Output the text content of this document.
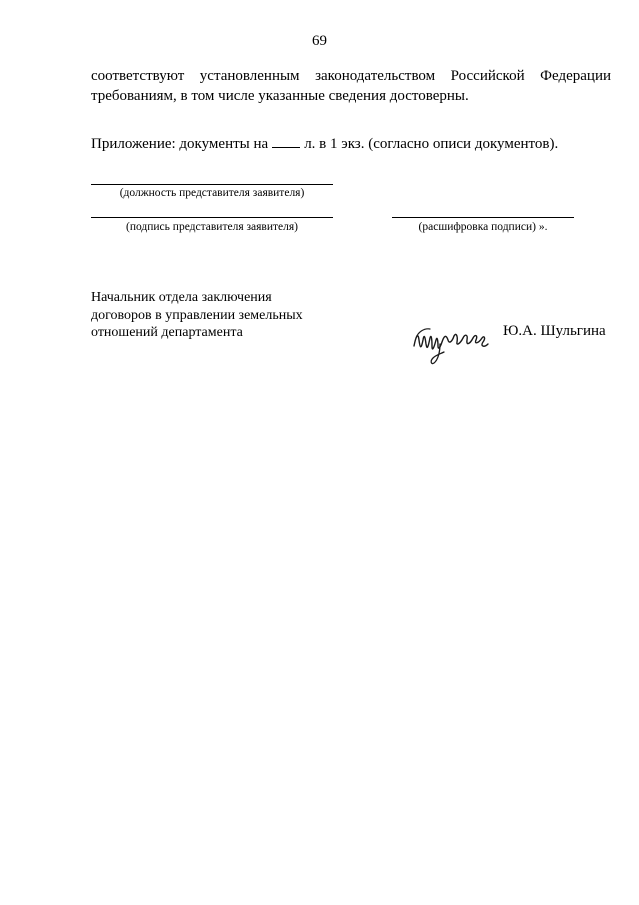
69
соответствуют установленным законодательством Российской Федерации
требованиям, в том числе указанные сведения достоверны.
Приложение: документы на л. в 1 экз. (согласно описи документов).
(должность представителя заявителя)
(подпись представителя заявителя)	(расшифровка подписи) ».
Начальник отдела заключения
договоров в управлении земельных
отношений департамента	Ю.А. Шульгина
